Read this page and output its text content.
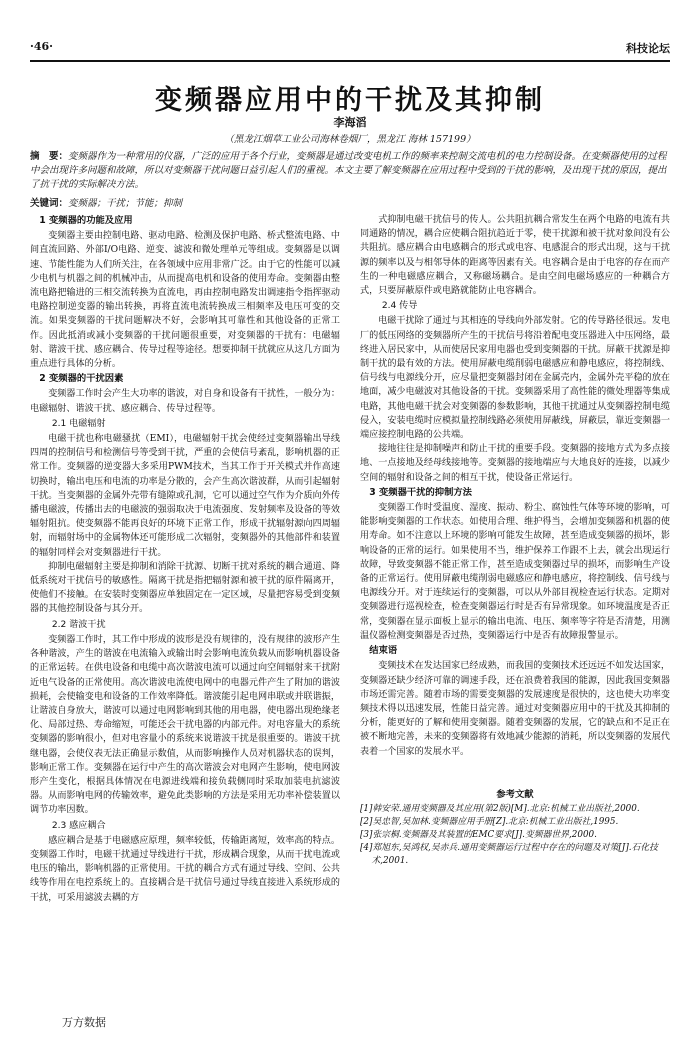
·46·	科技论坛
变频器应用中的干扰及其抑制
李海滔
（黑龙江烟草工业公司海林卷烟厂，黑龙江 海林 157199）
摘　要：变频器作为一种常用的仪器，广泛的应用于各个行业，变频器是通过改变电机工作的频率来控制交流电机的电力控制设备。在变频器使用的过程中会出现许多问题和故障，所以对变频器干扰问题日益引起人们的重视。本文主要了解变频器在应用过程中受到的干扰的影响，及出现干扰的原因，提出了抗干扰的实际解决方法。
关键词：变频器；干扰；节能；抑制

1 变频器的功能及应用

变频器主要由控制电路、驱动电路、检测及保护电路、桥式整流电路、中间直流回路、外部I/O电路、逆变、滤波和微处理单元等组成。变频器是以调速、节能性能为人们所关注，在各领域中应用非常广泛。由于它的性能可以减少电机与机器之间的机械冲击，从而提高电机和设备的使用寿命。变频器由整流电路把输进的三相交流转换为直流电，再由控制电路发出调速指令指挥驱动电路控制逆变器的输出转换，再将直流电流转换成三相频率及电压可变的交流。如果变频器的干扰问题解决不好，会影响其可靠性和其他设备的正常工作。因此抵消或减小变频器的干扰问题很重要，对变频器的干扰有：电磁辐射、谐波干扰、感应耦合、传导过程等途径。想要抑制干扰就应从这几方面为重点进行具体的分析。

2 变频器的干扰因素

变频器工作时会产生大功率的谐波，对自身和设备有干扰性，一般分为：电磁辐射、谐波干扰、感应耦合、传导过程等。

2.1 电磁辐射

电磁干扰也称电磁骚扰（EMI），电磁辐射干扰会使经过变频器输出导线四周的控制信号和检测信号等受到干扰，严重的会使信号紊乱，影响机器的正常工作。变频器的逆变器大多采用PWM技术，当其工作于开关模式并作高速切换时，输出电压和电流的功率是分散的，会产生高次谐波群，从而引起辐射干扰。当变频器的金属外壳带有缝隙或孔洞，它可以通过空气作为介质向外传播电磁波，传播出去的电磁波的强弱取决于电流强度、发射频率及设备的等效辐射阻抗。使变频器不能再良好的环境下正常工作，形成干扰辐射源向四周辐射，而辐射场中的金属物体还可能形成二次辐射，变频器外的其他部件和装置的辐射同样会对变频器进行干扰。

抑制电磁辐射主要是抑制和消除干扰源、切断干扰对系统的耦合通道、降低系统对干扰信号的敏感性。隔离干扰是指把辐射源和被干扰的原件隔离开，使他们不接触。在安装时变频器应单独固定在一定区域，尽量把容易受到变频器的其他控制设备与其分开。

2.2 谐波干扰

变频器工作时，其工作中形成的波形是没有规律的，没有规律的波形产生各种谐波，产生的谐波在电流输入或输出时会影响电流负载从而影响机器设备的正常运转。在供电设备和电缆中高次谐波电流可以通过向空间辐射来干扰附近电气设备的正常使用。高次谐波电流使电网中的电器元件产生了附加的谐波损耗，会使输变电和设备的工作效率降低。谐波能引起电网串联或并联谐振，让谐波自身放大，谐波可以通过电网影响到其他的用电器，使电器出现绝缘老化、局部过热、寿命缩短，可能还会干扰电器的内部元件。对电容量大的系统变频器的影响很小，但对电容量小的系统来说谐波干扰是很重要的。谐波干扰继电器，会使仪表无法正确显示数值，从而影响操作人员对机器状态的误判，影响正常工作。变频器在运行中产生的高次谐波会对电网产生影响，使电网波形产生变化，根据具体情况在电源进线端和接负载侧同时采取加装电抗滤波器。从而影响电网的传输效率，避免此类影响的方法是采用无功率补偿装置以调节功率因数。

2.3 感应耦合

感应耦合是基于电磁感应原理，频率较低，传输距离短，效率高的特点。变频器工作时，电磁干扰通过导线进行干扰，形成耦合现象，从而干扰电流或电压的输出，影响机器的正常使用。干扰的耦合方式有通过导线、空间、公共线等作用在电控系统上的。直接耦合是干扰信号通过导线直接进入系统形成的干扰，可采用滤波去耦的方

式抑制电磁干扰信号的传人。公共阻抗耦合常发生在两个电路的电流有共同通路的情况，耦合应使耦合阻抗趋近于零，使干扰源和被干扰对象间没有公共阻抗。感应耦合由电感耦合的形式或电容、电感混合的形式出现，这与干扰源的频率以及与相邻导体的距离等因素有关。电容耦合是由于电容的存在而产生的一种电磁感应耦合，又称磁场耦合。是由空间电磁场感应的一种耦合方式，只要屏蔽原件或电路就能防止电容耦合。

2.4 传导

电磁干扰除了通过与其相连的导线向外部发射。它的传导路径很远。发电厂的低压网络的变频器所产生的干扰信号将沿着配电变压器进入中压网络，最终进入居民家中，从而使居民家用电器也受到变频器的干扰。屏蔽干扰源是抑制干扰的最有效的方法。使用屏蔽电缆削弱电磁感应和静电感应，将控制线、信号线与电源线分开，应尽量把变频器封闭在金属壳内，金属外壳平稳的放在地面，减少电磁波对其他设备的干扰。变频器采用了高性能的微处理器等集成电路，其他电磁干扰会对变频器的参数影响，其他干扰通过从变频器控制电缆侵入，安装电缆时应模拟量控制线路必须使用屏蔽线，屏蔽层，靠近变频器一端应接控制电路的公共端。

接地往往是抑制噪声和防止干扰的重要手段。变频器的接地方式为多点接地、一点接地及经母线接地等。变频器的接地端应与大地良好的连接，以减少空间的辐射和设备之间的相互干扰，使设备正常运行。

3 变频器干扰的抑制方法

变频器工作时受温度、湿度、振动、粉尘、腐蚀性气体等环境的影响，可能影响变频器的工作状态。如使用合理、维护得当，会增加变频器和机器的使用寿命。如不注意以上环境的影响可能发生故障，甚至造成变频器的损坏，影响设备的正常的运行。如果使用不当，维护保养工作跟不上去，就会出现运行故障，导致变频器不能正常工作，甚至造成变频器过早的损坏，而影响生产设备的正常运行。使用屏蔽电缆削弱电磁感应和静电感应，将控制线、信号线与电源线分开。对于连续运行的变频器，可以从外部目视检查运行状态。定期对变频器进行巡视检查，检查变频器运行时是否有异常现象。如环境温度是否正常，变频器在显示面板上显示的输出电流、电压、频率等字符是否清楚，用测温仪器检测变频器是否过热，变频器运行中是否有故障报警显示。

结束语

变频技术在发达国家已经成熟，而我国的变频技术还远远不如发达国家，变频器还缺少经济可靠的调速手段，还在浪费着我国的能源，因此我国变频器市场还需完善。随着市场的需要变频器的发展速度是很快的，这也使大功率变频技术得以迅速发展，性能日益完善。通过对变频器应用中的干扰及其抑制的分析，能更好的了解和使用变频器。随着变频器的发展，它的缺点和不足正在被不断地完善，未来的变频器将有效地减少能源的消耗，所以变频器的发展代表着一个国家的发展水平。

参考文献
[1]韩安荣.通用变频器及其应用(第2版)[M].北京:机械工业出版社,2000.
[2]吴忠智,吴加林.变频器应用手册[Z].北京:机械工业出版社,1995.
[3]张宗桐.变频器及其装置的EMC要求[J].变频器世界,2000.
[4]郑旭东,吴鸿权,吴赤兵.通用变频器运行过程中存在的问题及对策[J].石化技术,2001.
万方数据
